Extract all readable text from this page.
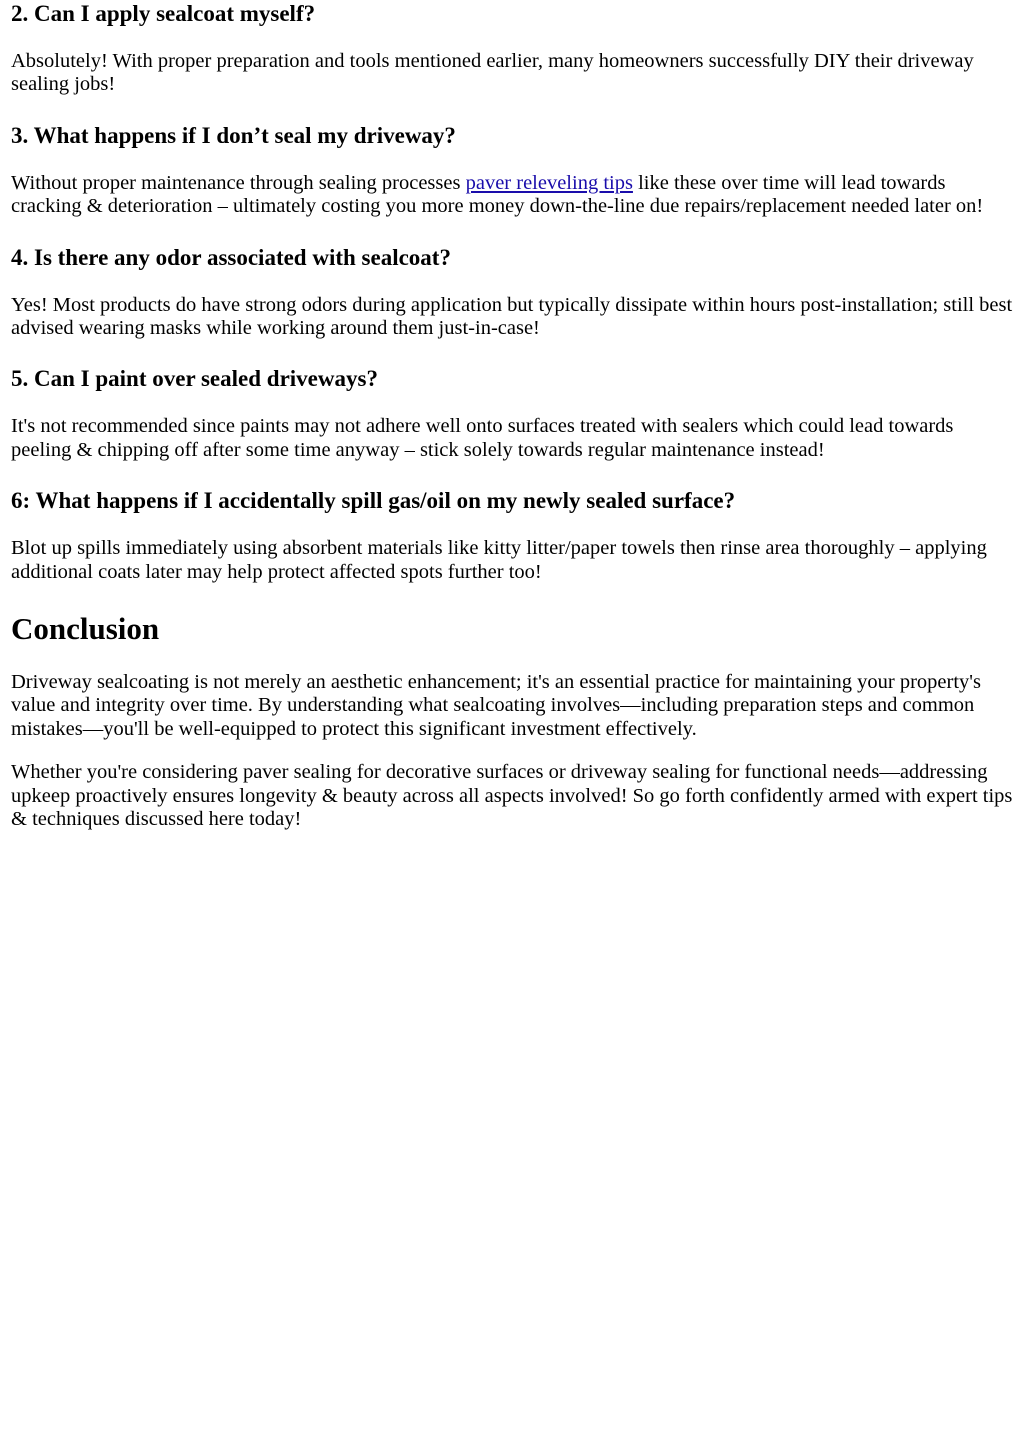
2. Can I apply sealcoat myself?

Absolutely! With proper preparation and tools mentioned earlier, many homeowners successfully DIY their driveway sealing jobs!

3. What happens if I don’t seal my driveway?

Without proper maintenance through sealing processes paver releveling tips like these over time will lead towards cracking & deterioration – ultimately costing you more money down-the-line due repairs/replacement needed later on!

4. Is there any odor associated with sealcoat?

Yes! Most products do have strong odors during application but typically dissipate within hours post-installation; still best advised wearing masks while working around them just-in-case!

5. Can I paint over sealed driveways?

It's not recommended since paints may not adhere well onto surfaces treated with sealers which could lead towards peeling & chipping off after some time anyway – stick solely towards regular maintenance instead!

6: What happens if I accidentally spill gas/oil on my newly sealed surface?

Blot up spills immediately using absorbent materials like kitty litter/paper towels then rinse area thoroughly – applying additional coats later may help protect affected spots further too!

Conclusion

Driveway sealcoating is not merely an aesthetic enhancement; it's an essential practice for maintaining your property's value and integrity over time. By understanding what sealcoating involves—including preparation steps and common mistakes—you'll be well-equipped to protect this significant investment effectively.

Whether you're considering paver sealing for decorative surfaces or driveway sealing for functional needs—addressing upkeep proactively ensures longevity & beauty across all aspects involved! So go forth confidently armed with expert tips & techniques discussed here today!
